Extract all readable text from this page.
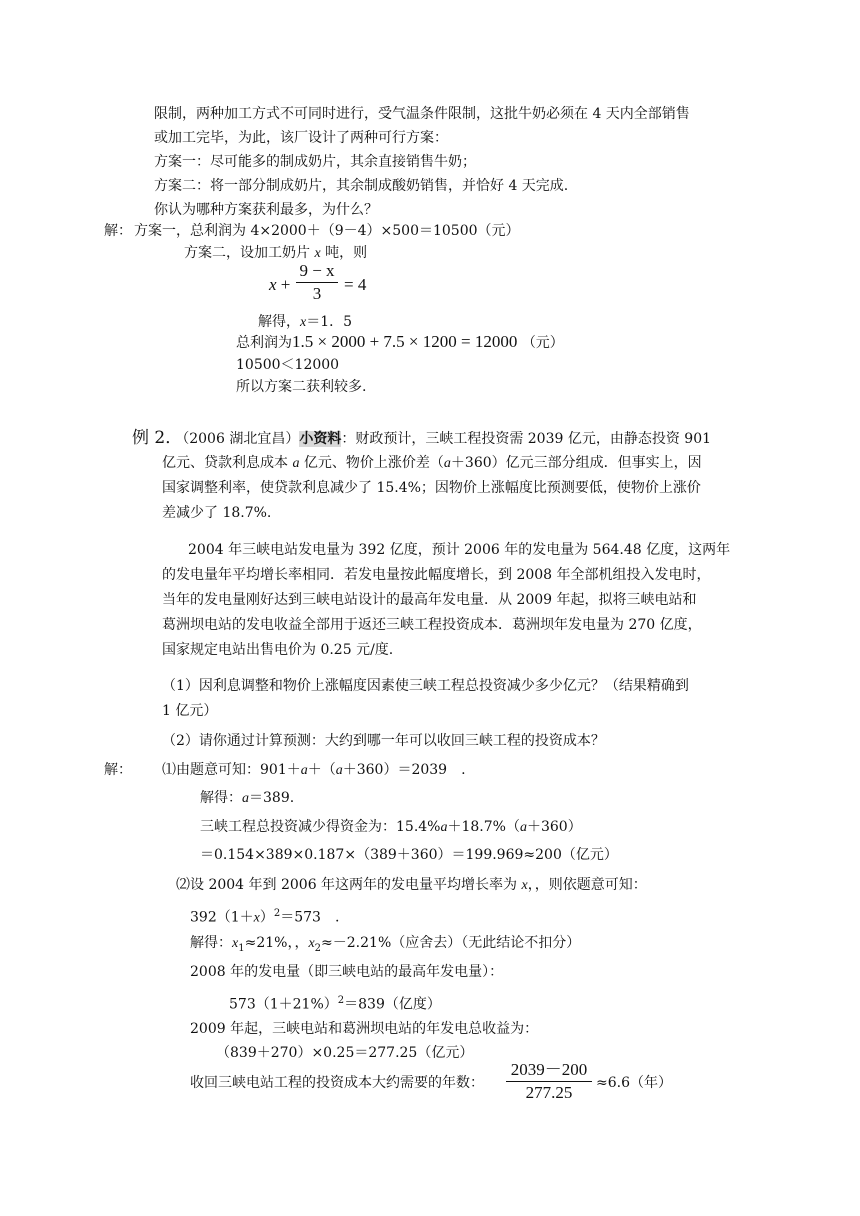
限制，两种加工方式不可同时进行，受气温条件限制，这批牛奶必须在 4 天内全部销售
或加工完毕，为此，该厂设计了两种可行方案：
方案一：尽可能多的制成奶片，其余直接销售牛奶；
方案二：将一部分制成奶片，其余制成酸奶销售，并恰好 4 天完成.
你认为哪种方案获利最多，为什么？
解： 方案一，总利润为 4×2000＋（9－4）×500＝10500（元）
方案二，设加工奶片 x 吨，则
x +
9 − x
3	= 4
解得，x＝1．5
总利润为1.5 × 2000 + 7.5 × 1200 = 12000 （元）
10500＜12000
所以方案二获利较多.
例 2．（2006 湖北宜昌）小资料：财政预计，三峡工程投资需 2039 亿元，由静态投资 901
亿元、贷款利息成本 a 亿元、物价上涨价差（a＋360）亿元三部分组成．但事实上，因
国家调整利率，使贷款利息减少了 15.4%；因物价上涨幅度比预测要低，使物价上涨价
差减少了 18.7%.
2004 年三峡电站发电量为 392 亿度，预计 2006 年的发电量为 564.48 亿度，这两年
的发电量年平均增长率相同．若发电量按此幅度增长，到 2008 年全部机组投入发电时，
当年的发电量刚好达到三峡电站设计的最高年发电量．从 2009 年起，拟将三峡电站和
葛洲坝电站的发电收益全部用于返还三峡工程投资成本．葛洲坝年发电量为 270 亿度，
国家规定电站出售电价为 0.25 元/度.
（1）因利息调整和物价上涨幅度因素使三峡工程总投资减少多少亿元？（结果精确到
1 亿元）
（2）请你通过计算预测：大约到哪一年可以收回三峡工程的投资成本？
解： ⑴由题意可知：901＋a＋（a＋360）＝2039　.
解得：a＝389.
三峡工程总投资减少得资金为：15.4%a＋18.7%（a＋360）
＝0.154×389×0.187×（389＋360）＝199.969≈200（亿元）
⑵设 2004 年到 2006 年这两年的发电量平均增长率为 x，，则依题意可知：
$392(1+x)^2=573$　.
解得：$x_1\approx 21\%$，，$x_2\approx-2.21\%$（应舍去）（无此结论不扣分）
2008 年的发电量（即三峡电站的最高年发电量）：
$573(1+21\%)^2=839$（亿度）
2009 年起，三峡电站和葛洲坝电站的年发电总收益为：
（839＋270）×0.25＝277.25（亿元）
收回三峡电站工程的投资成本大约需要的年数：
2039－200
277.25	≈6.6（年）
